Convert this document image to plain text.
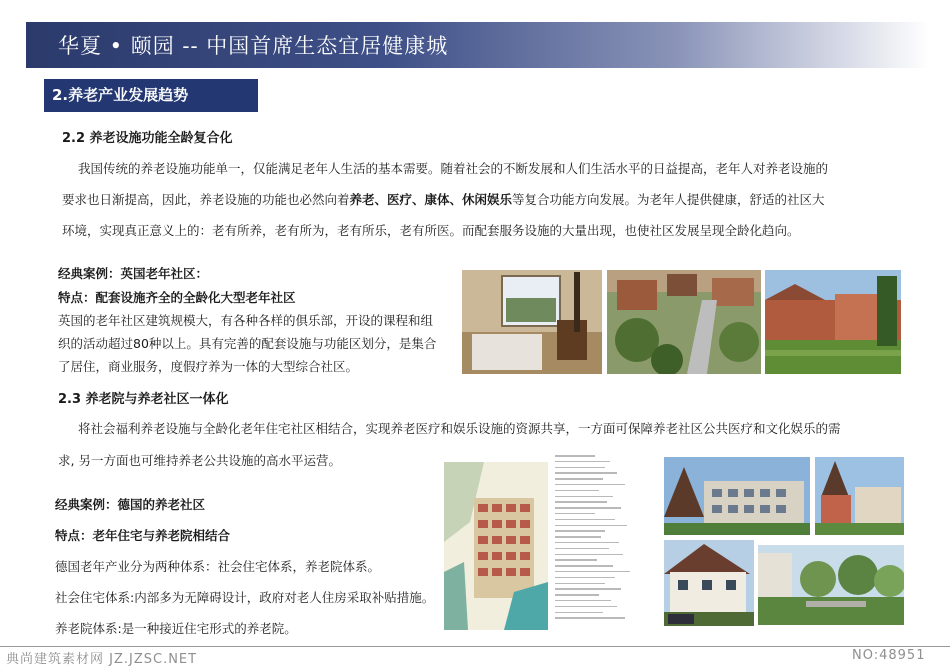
华夏 • 颐园 -- 中国首席生态宜居健康城
2.养老产业发展趋势
2.2 养老设施功能全龄复合化
我国传统的养老设施功能单一，仅能满足老年人生活的基本需要。随着社会的不断发展和人们生活水平的日益提高，老年人对养老设施的
要求也日渐提高，因此，养老设施的功能也必然向着养老、医疗、康体、休闲娱乐等复合功能方向发展。为老年人提供健康，舒适的社区大
环境，实现真正意义上的：老有所养，老有所为，老有所乐，老有所医。而配套服务设施的大量出现，也使社区发展呈现全龄化趋向。
经典案例：英国老年社区：
特点：配套设施齐全的全龄化大型老年社区
英国的老年社区建筑规模大，有各种各样的俱乐部，开设的课程和组
织的活动超过80种以上。具有完善的配套设施与功能区划分，是集合
了居住，商业服务，度假疗养为一体的大型综合社区。
2.3 养老院与养老社区一体化
将社会福利养老设施与全龄化老年住宅社区相结合，实现养老医疗和娱乐设施的资源共享，一方面可保障养老社区公共医疗和文化娱乐的需
求, 另一方面也可维持养老公共设施的高水平运营。
经典案例：德国的养老社区
特点：老年住宅与养老院相结合
德国老年产业分为两种体系：社会住宅体系，养老院体系。
社会住宅体系:内部多为无障碍设计，政府对老人住房采取补贴措施。
养老院体系:是一种接近住宅形式的养老院。
典尚建筑素材网 JZ.JZSC.NET	NO:48951
